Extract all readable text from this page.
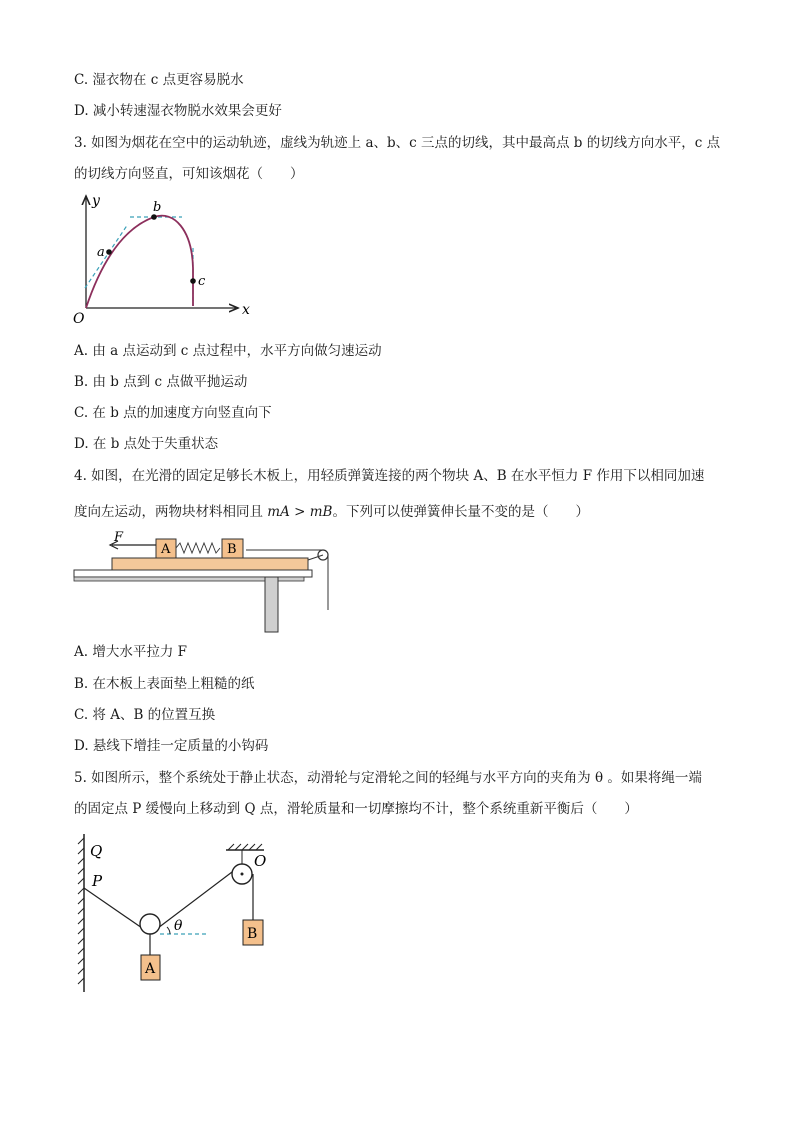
C. 湿衣物在 c 点更容易脱水
D. 减小转速湿衣物脱水效果会更好
3. 如图为烟花在空中的运动轨迹，虚线为轨迹上 a、b、c 三点的切线，其中最高点 b 的切线方向水平，c 点
的切线方向竖直，可知该烟花（　　）
y
x
O
a
b
c
A. 由 a 点运动到 c 点过程中，水平方向做匀速运动
B. 由 b 点到 c 点做平抛运动
C. 在 b 点的加速度方向竖直向下
D. 在 b 点处于失重状态
4. 如图，在光滑的固定足够长木板上，用轻质弹簧连接的两个物块 A、B 在水平恒力 F 作用下以相同加速
度向左运动，两物块材料相同且 mA > mB。下列可以使弹簧伸长量不变的是（　　）
F
A	B
A. 增大水平拉力 F
B. 在木板上表面垫上粗糙的纸
C. 将 A、B 的位置互换
D. 悬线下增挂一定质量的小钩码
5. 如图所示，整个系统处于静止状态，动滑轮与定滑轮之间的轻绳与水平方向的夹角为 θ 。如果将绳一端
的固定点 P 缓慢向上移动到 Q 点，滑轮质量和一切摩擦均不计，整个系统重新平衡后（　　）
Q
P
O
θ
A
B
